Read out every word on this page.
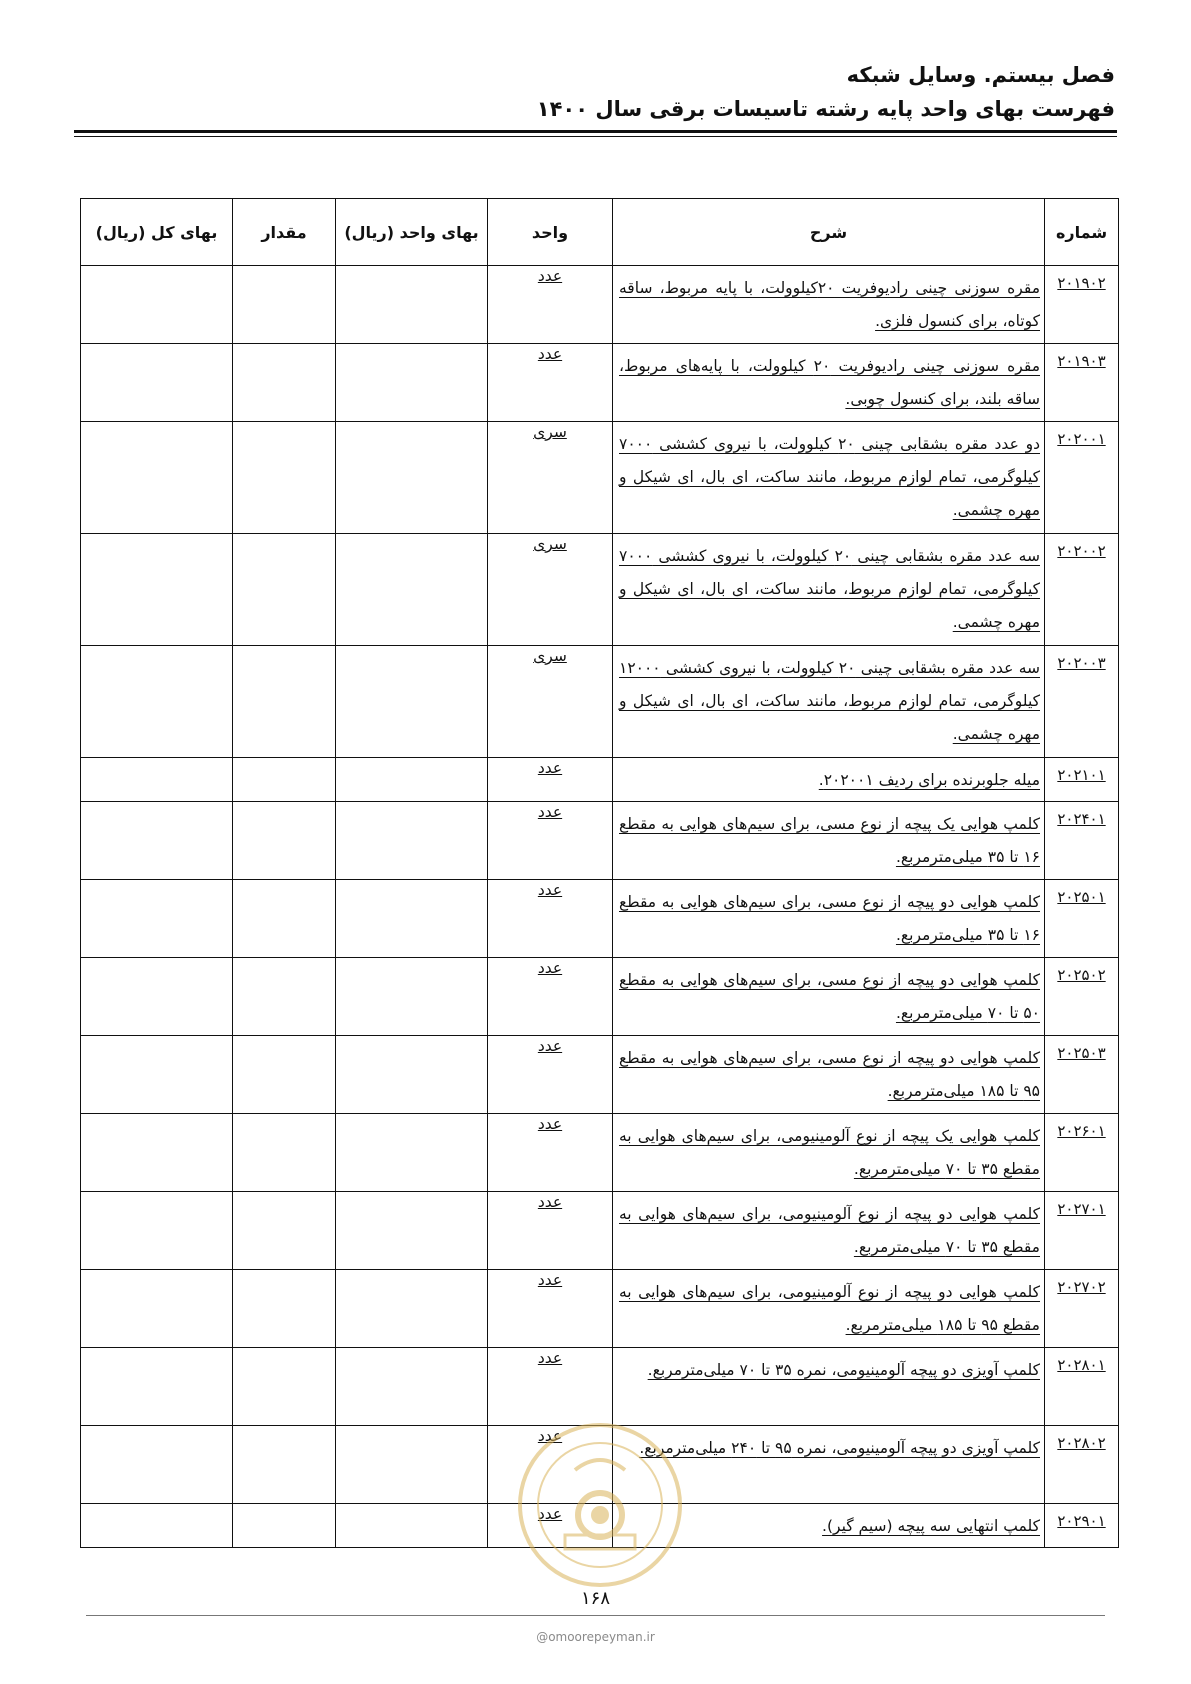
فصل بیستم. وسایل شبکه
فهرست بهای واحد پایه رشته تاسیسات برقی سال ۱۴۰۰
شماره	شرح	واحد	بهای واحد (ریال)	مقدار	بهای کل (ریال)
۲۰۱۹۰۲	مقره سوزنی چینی رادیوفریت ۲۰کیلوولت، با پایه مربوط، ساقه کوتاه، برای کنسول فلزی.	عدد			
۲۰۱۹۰۳	مقره سوزنی چینی رادیوفریت ۲۰ کیلوولت، با پایه‌های مربوط، ساقه بلند، برای کنسول چوبی.	عدد			
۲۰۲۰۰۱	دو عدد مقره بشقابی چینی ۲۰ کیلوولت، با نیروی کششی ۷۰۰۰ کیلوگرمی، تمام لوازم مربوط، مانند ساکت، ای بال، ای شیکل و مهره چشمی.	سری			
۲۰۲۰۰۲	سه عدد مقره بشقابی چینی ۲۰ کیلوولت، با نیروی کششی ۷۰۰۰ کیلوگرمی، تمام لوازم مربوط، مانند ساکت، ای بال، ای شیکل و مهره چشمی.	سری			
۲۰۲۰۰۳	سه عدد مقره بشقابی چینی ۲۰ کیلوولت، با نیروی کششی ۱۲۰۰۰ کیلوگرمی، تمام لوازم مربوط، مانند ساکت، ای بال، ای شیکل و مهره چشمی.	سری			
۲۰۲۱۰۱	میله جلوبرنده برای ردیف ۲۰۲۰۰۱.	عدد			
۲۰۲۴۰۱	کلمپ هوایی یک پیچه از نوع مسی، برای سیم‌های هوایی به مقطع ۱۶ تا ۳۵ میلی‌مترمربع.	عدد			
۲۰۲۵۰۱	کلمپ هوایی دو پیچه از نوع مسی، برای سیم‌های هوایی به مقطع ۱۶ تا ۳۵ میلی‌مترمربع.	عدد			
۲۰۲۵۰۲	کلمپ هوایی دو پیچه از نوع مسی، برای سیم‌های هوایی به مقطع ۵۰ تا ۷۰ میلی‌مترمربع.	عدد			
۲۰۲۵۰۳	کلمپ هوایی دو پیچه از نوع مسی، برای سیم‌های هوایی به مقطع ۹۵ تا ۱۸۵ میلی‌مترمربع.	عدد			
۲۰۲۶۰۱	کلمپ هوایی یک پیچه از نوع آلومینیومی، برای سیم‌های هوایی به مقطع ۳۵ تا ۷۰ میلی‌مترمربع.	عدد			
۲۰۲۷۰۱	کلمپ هوایی دو پیچه از نوع آلومینیومی، برای سیم‌های هوایی به مقطع ۳۵ تا ۷۰ میلی‌مترمربع.	عدد			
۲۰۲۷۰۲	کلمپ هوایی دو پیچه از نوع آلومینیومی، برای سیم‌های هوایی به مقطع ۹۵ تا ۱۸۵ میلی‌مترمربع.	عدد			
۲۰۲۸۰۱	کلمپ آویزی دو پیچه آلومینیومی، نمره ۳۵ تا ۷۰ میلی‌مترمربع.	عدد			
۲۰۲۸۰۲	کلمپ آویزی دو پیچه آلومینیومی، نمره ۹۵ تا ۲۴۰ میلی‌مترمربع.	عدد			
۲۰۲۹۰۱	کلمپ انتهایی سه پیچه (سیم گیر).	عدد			
۱۶۸
@omoorepeyman.ir
